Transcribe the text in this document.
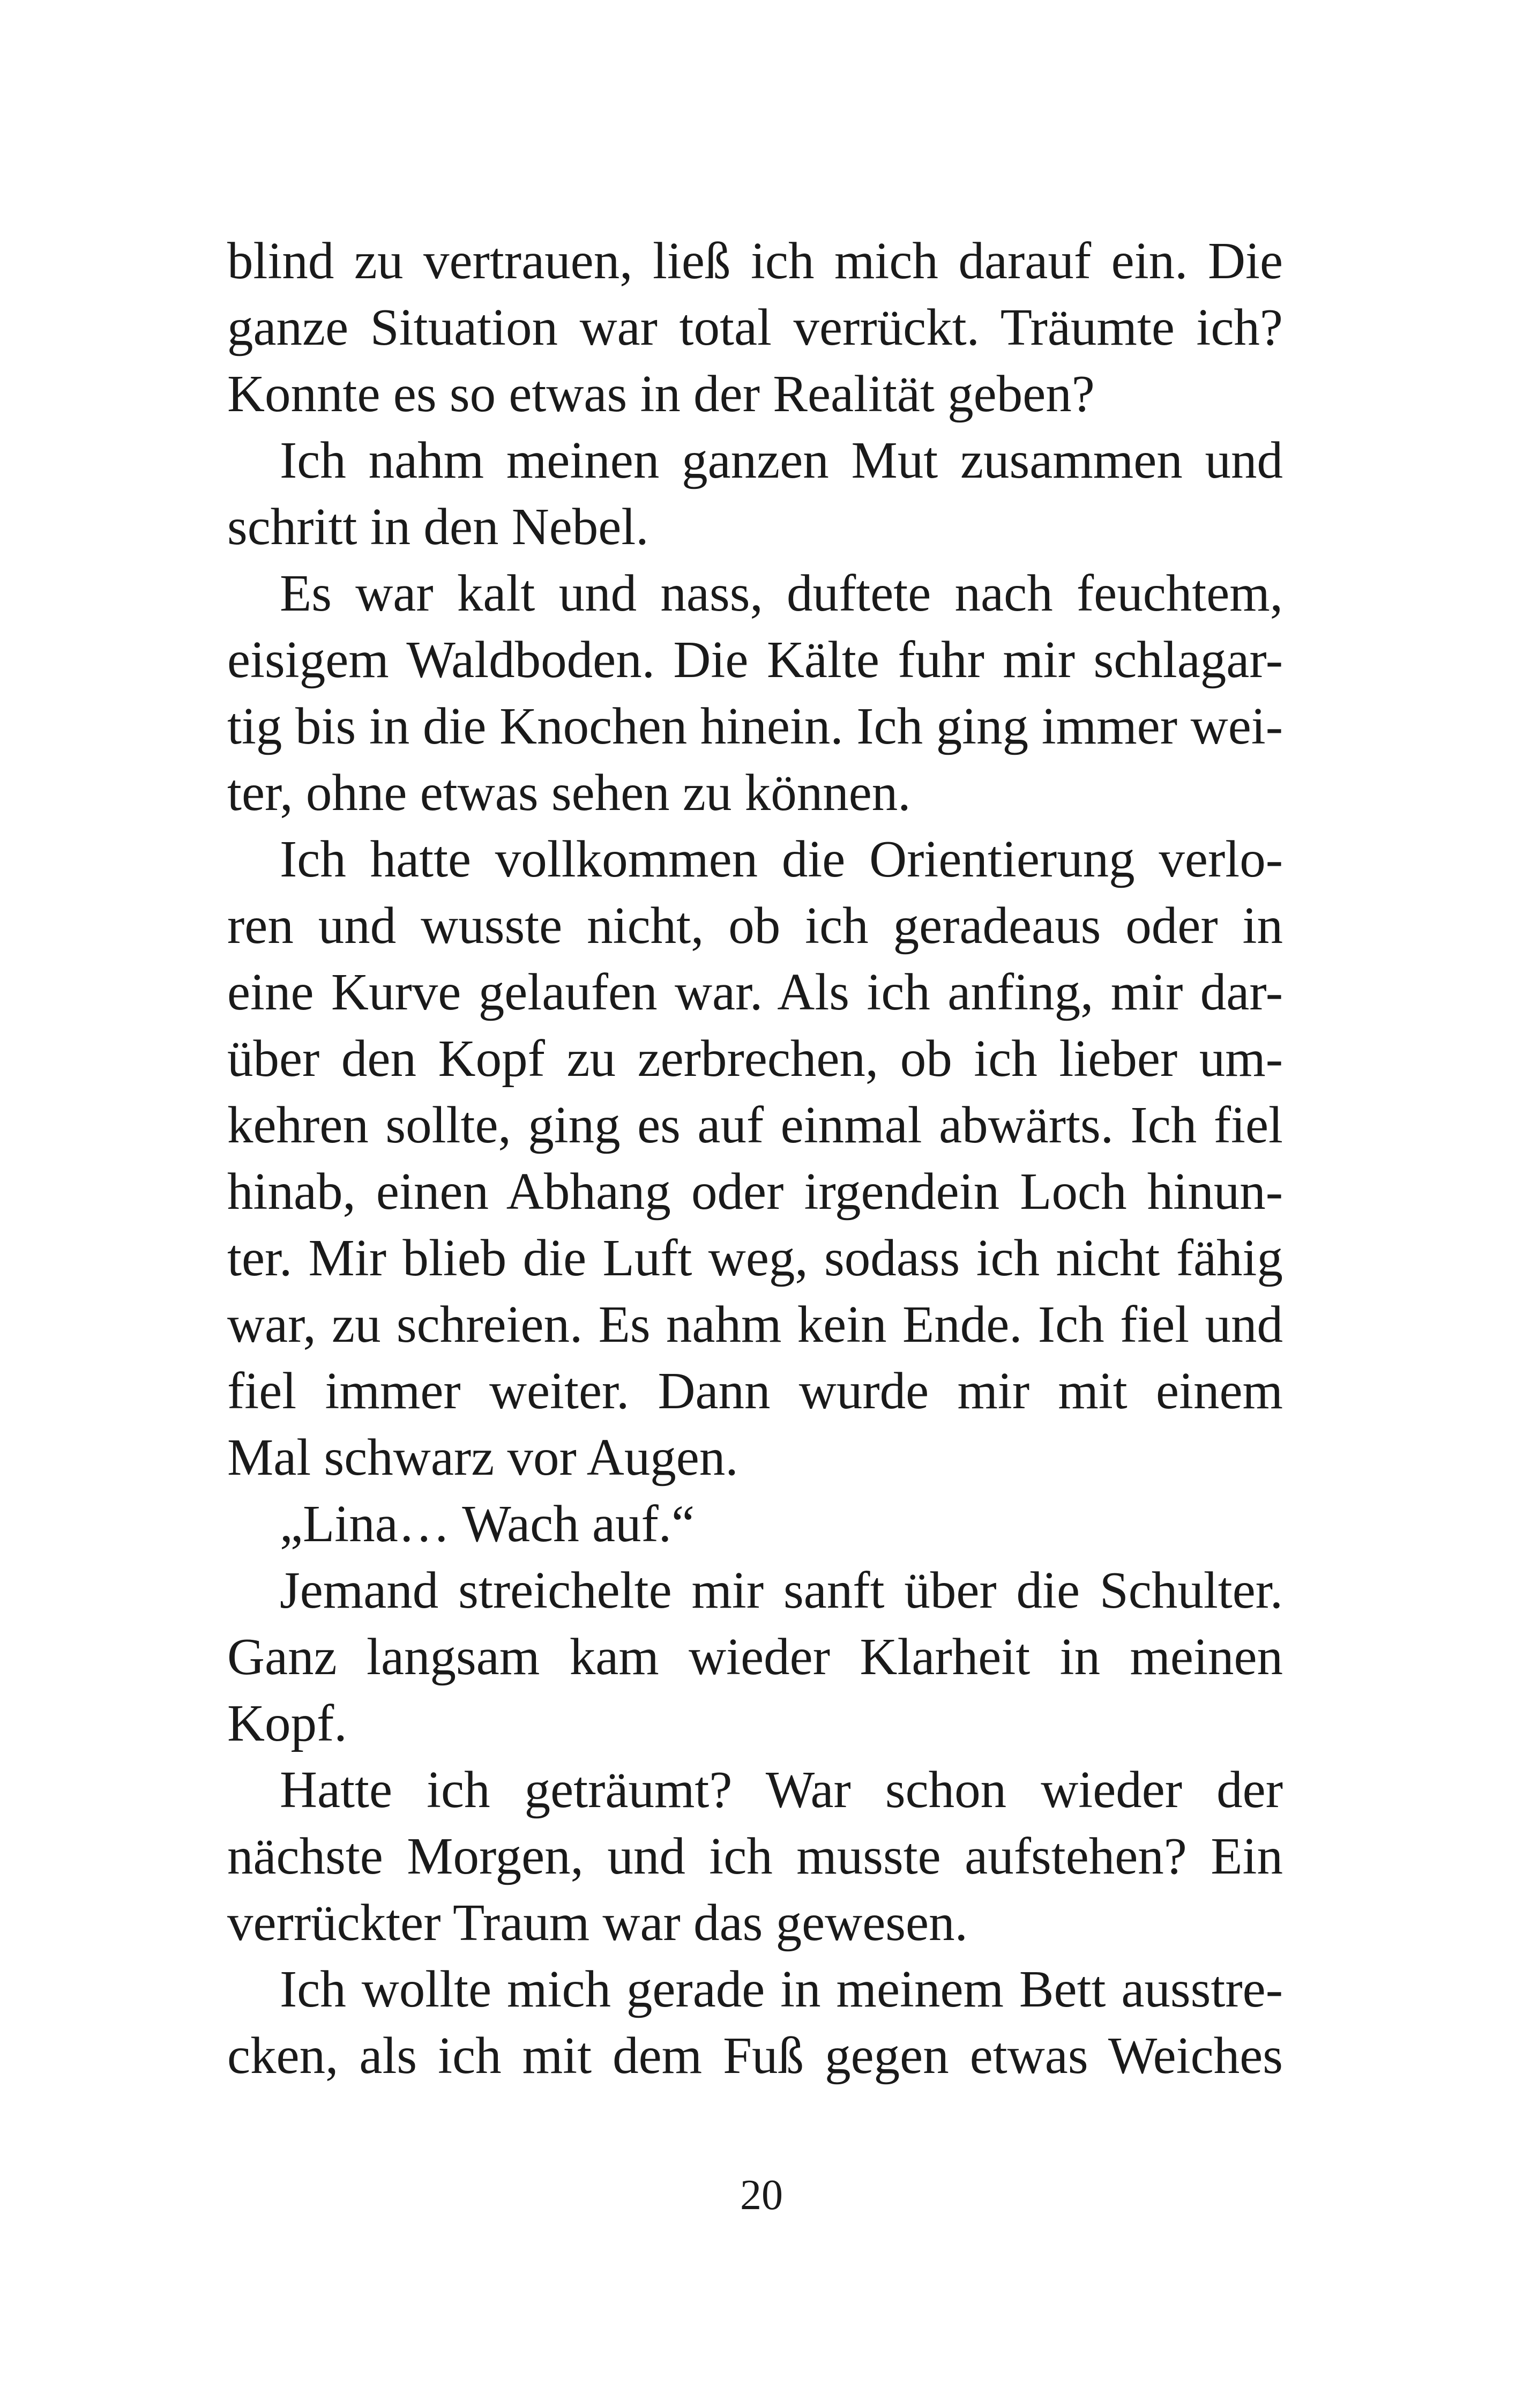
blind zu vertrauen, ließ ich mich darauf ein. Die
ganze Situation war total verrückt. Träumte ich?
Konnte es so etwas in der Realität geben?
Ich nahm meinen ganzen Mut zusammen und
schritt in den Nebel.
Es war kalt und nass, duftete nach feuchtem,
eisigem Waldboden. Die Kälte fuhr mir schlagar-
tig bis in die Knochen hinein. Ich ging immer wei-
ter, ohne etwas sehen zu können.
Ich hatte vollkommen die Orientierung verlo-
ren und wusste nicht, ob ich geradeaus oder in
eine Kurve gelaufen war. Als ich anfing, mir dar-
über den Kopf zu zerbrechen, ob ich lieber um-
kehren sollte, ging es auf einmal abwärts. Ich fiel
hinab, einen Abhang oder irgendein Loch hinun-
ter. Mir blieb die Luft weg, sodass ich nicht fähig
war, zu schreien. Es nahm kein Ende. Ich fiel und
fiel immer weiter. Dann wurde mir mit einem
Mal schwarz vor Augen.
„Lina… Wach auf.“
Jemand streichelte mir sanft über die Schulter.
Ganz langsam kam wieder Klarheit in meinen
Kopf.
Hatte ich geträumt? War schon wieder der
nächste Morgen, und ich musste aufstehen? Ein
verrückter Traum war das gewesen.
Ich wollte mich gerade in meinem Bett ausstre-
cken, als ich mit dem Fuß gegen etwas Weiches
20
